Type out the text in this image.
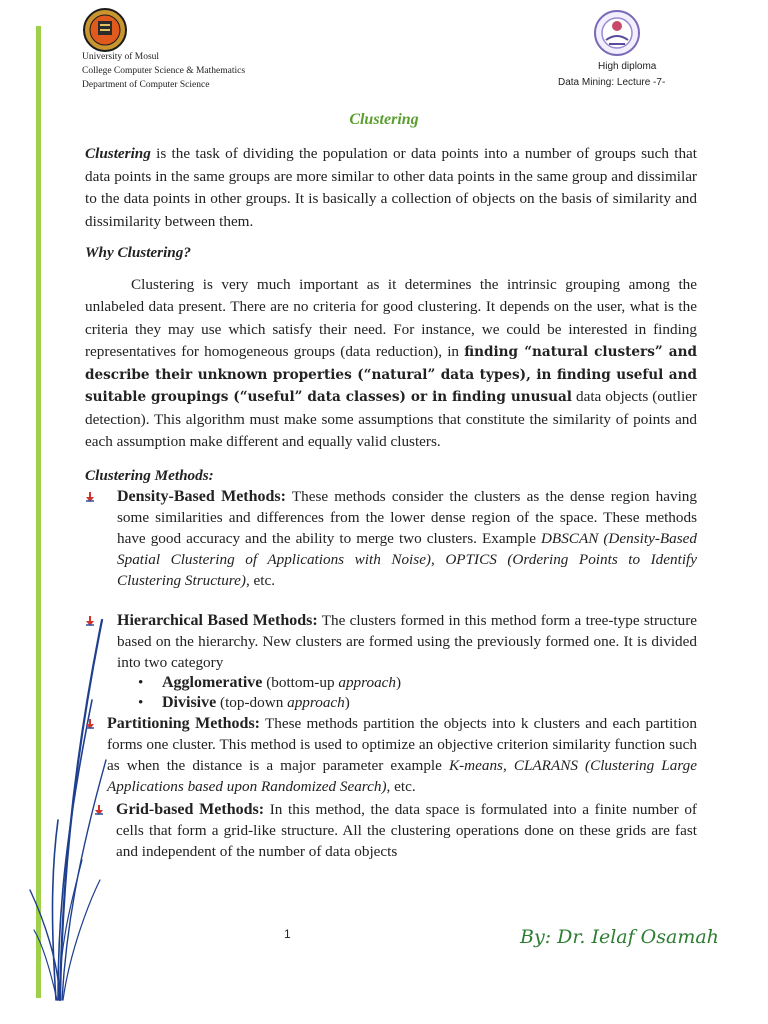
University of Mosul
College Computer Science & Mathematics
Department of Computer Science
High diploma
Data Mining: Lecture -7-
Clustering

Clustering is the task of dividing the population or data points into a number of groups such that data points in the same groups are more similar to other data points in the same group and dissimilar to the data points in other groups. It is basically a collection of objects on the basis of similarity and dissimilarity between them.

Why Clustering?

Clustering is very much important as it determines the intrinsic grouping among the unlabeled data present. There are no criteria for good clustering. It depends on the user, what is the criteria they may use which satisfy their need. For instance, we could be interested in finding representatives for homogeneous groups (data reduction), in finding “natural clusters” and describe their unknown properties (“natural” data types), in finding useful and suitable groupings (“useful” data classes) or in finding unusual data objects (outlier detection). This algorithm must make some assumptions that constitute the similarity of points and each assumption make different and equally valid clusters.

Clustering Methods:

Density-Based Methods: These methods consider the clusters as the dense region having some similarities and differences from the lower dense region of the space. These methods have good accuracy and the ability to merge two clusters. Example DBSCAN (Density-Based Spatial Clustering of Applications with Noise), OPTICS (Ordering Points to Identify Clustering Structure), etc.
Hierarchical Based Methods: The clusters formed in this method form a tree-type structure based on the hierarchy. New clusters are formed using the previously formed one. It is divided into two category
• Agglomerative (bottom-up approach)
• Divisive (top-down approach)
Partitioning Methods: These methods partition the objects into k clusters and each partition forms one cluster. This method is used to optimize an objective criterion similarity function such as when the distance is a major parameter example K-means, CLARANS (Clustering Large Applications based upon Randomized Search), etc.
Grid-based Methods: In this method, the data space is formulated into a finite number of cells that form a grid-like structure. All the clustering operations done on these grids are fast and independent of the number of data objects
1	By: Dr. Ielaf Osamah
